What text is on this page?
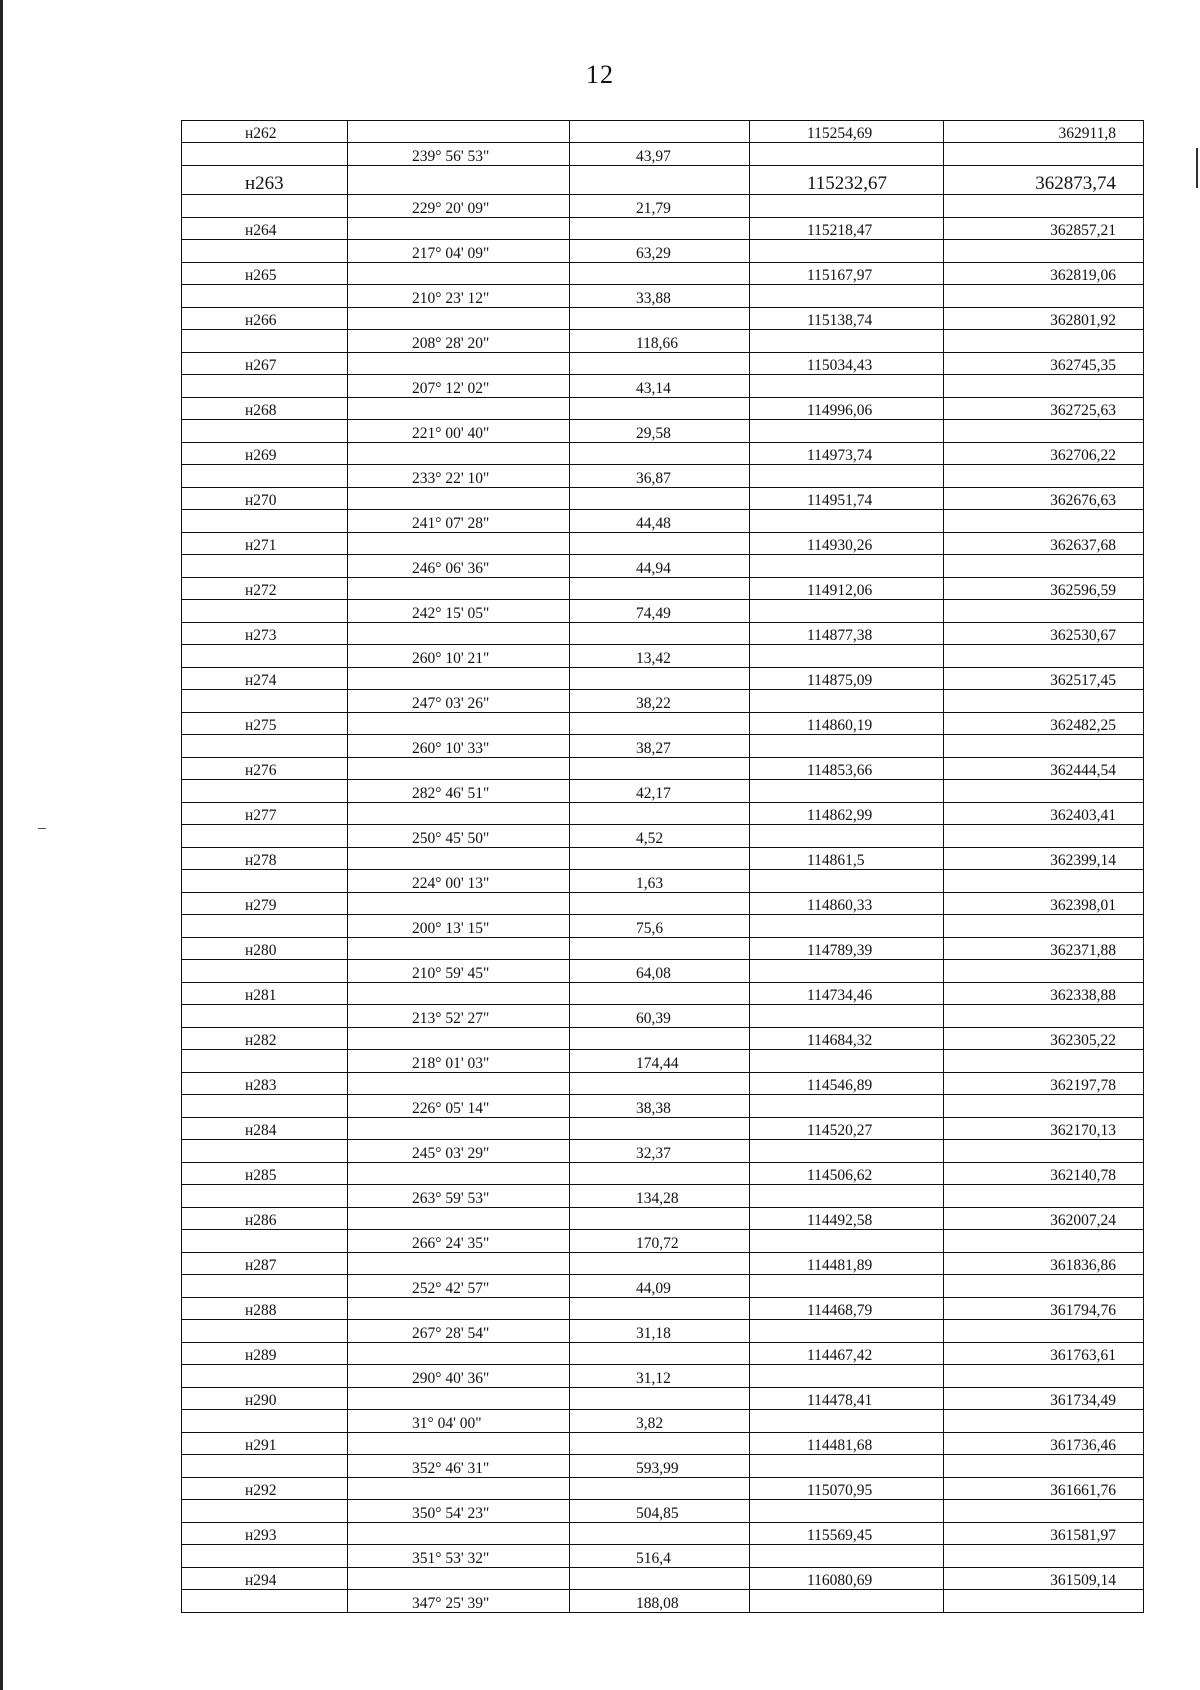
12
н262			115254,69	362911,8
	239° 56' 53"	43,97		
н263			115232,67	362873,74
	229° 20' 09"	21,79		
н264			115218,47	362857,21
	217° 04' 09"	63,29		
н265			115167,97	362819,06
	210° 23' 12"	33,88		
н266			115138,74	362801,92
	208° 28' 20"	118,66		
н267			115034,43	362745,35
	207° 12' 02"	43,14		
н268			114996,06	362725,63
	221° 00' 40"	29,58		
н269			114973,74	362706,22
	233° 22' 10"	36,87		
н270			114951,74	362676,63
	241° 07' 28"	44,48		
н271			114930,26	362637,68
	246° 06' 36"	44,94		
н272			114912,06	362596,59
	242° 15' 05"	74,49		
н273			114877,38	362530,67
	260° 10' 21"	13,42		
н274			114875,09	362517,45
	247° 03' 26"	38,22		
н275			114860,19	362482,25
	260° 10' 33"	38,27		
н276			114853,66	362444,54
	282° 46' 51"	42,17		
н277			114862,99	362403,41
	250° 45' 50"	4,52		
н278			114861,5	362399,14
	224° 00' 13"	1,63		
н279			114860,33	362398,01
	200° 13' 15"	75,6		
н280			114789,39	362371,88
	210° 59' 45"	64,08		
н281			114734,46	362338,88
	213° 52' 27"	60,39		
н282			114684,32	362305,22
	218° 01' 03"	174,44		
н283			114546,89	362197,78
	226° 05' 14"	38,38		
н284			114520,27	362170,13
	245° 03' 29"	32,37		
н285			114506,62	362140,78
	263° 59' 53"	134,28		
н286			114492,58	362007,24
	266° 24' 35"	170,72		
н287			114481,89	361836,86
	252° 42' 57"	44,09		
н288			114468,79	361794,76
	267° 28' 54"	31,18		
н289			114467,42	361763,61
	290° 40' 36"	31,12		
н290			114478,41	361734,49
	31° 04' 00"	3,82		
н291			114481,68	361736,46
	352° 46' 31"	593,99		
н292			115070,95	361661,76
	350° 54' 23"	504,85		
н293			115569,45	361581,97
	351° 53' 32"	516,4		
н294			116080,69	361509,14
	347° 25' 39"	188,08		
